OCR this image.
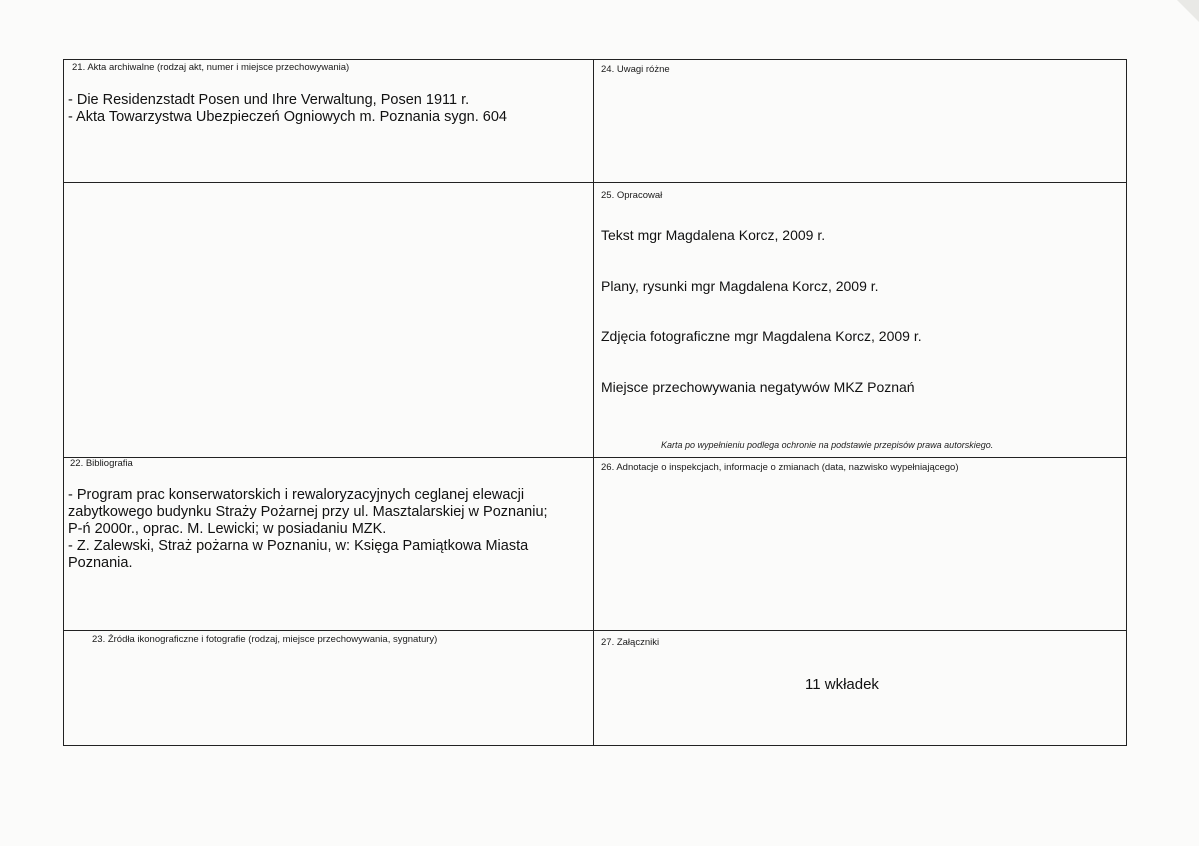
21. Akta archiwalne (rodzaj akt, numer i miejsce przechowywania)
- Die Residenzstadt Posen und Ihre Verwaltung, Posen 1911 r.
- Akta Towarzystwa Ubezpieczeń Ogniowych m. Poznania sygn. 604
24. Uwagi różne
25. Opracował
Tekst mgr Magdalena Korcz, 2009 r.
Plany, rysunki mgr Magdalena Korcz, 2009 r.
Zdjęcia fotograficzne mgr Magdalena Korcz, 2009 r.
Miejsce przechowywania negatywów MKZ Poznań
Karta po wypełnieniu podlega ochronie na podstawie przepisów prawa autorskiego.
22. Bibliografia
- Program prac konserwatorskich i rewaloryzacyjnych ceglanej elewacji
zabytkowego budynku Straży Pożarnej przy ul. Masztalarskiej w Poznaniu;
P-ń 2000r., oprac. M. Lewicki; w posiadaniu MZK.
- Z. Zalewski, Straż pożarna w Poznaniu, w: Księga Pamiątkowa Miasta
Poznania.
26. Adnotacje o inspekcjach, informacje o zmianach (data, nazwisko wypełniającego)
23. Źródła ikonograficzne i fotografie (rodzaj, miejsce przechowywania, sygnatury)	27. Załączniki
11 wkładek
